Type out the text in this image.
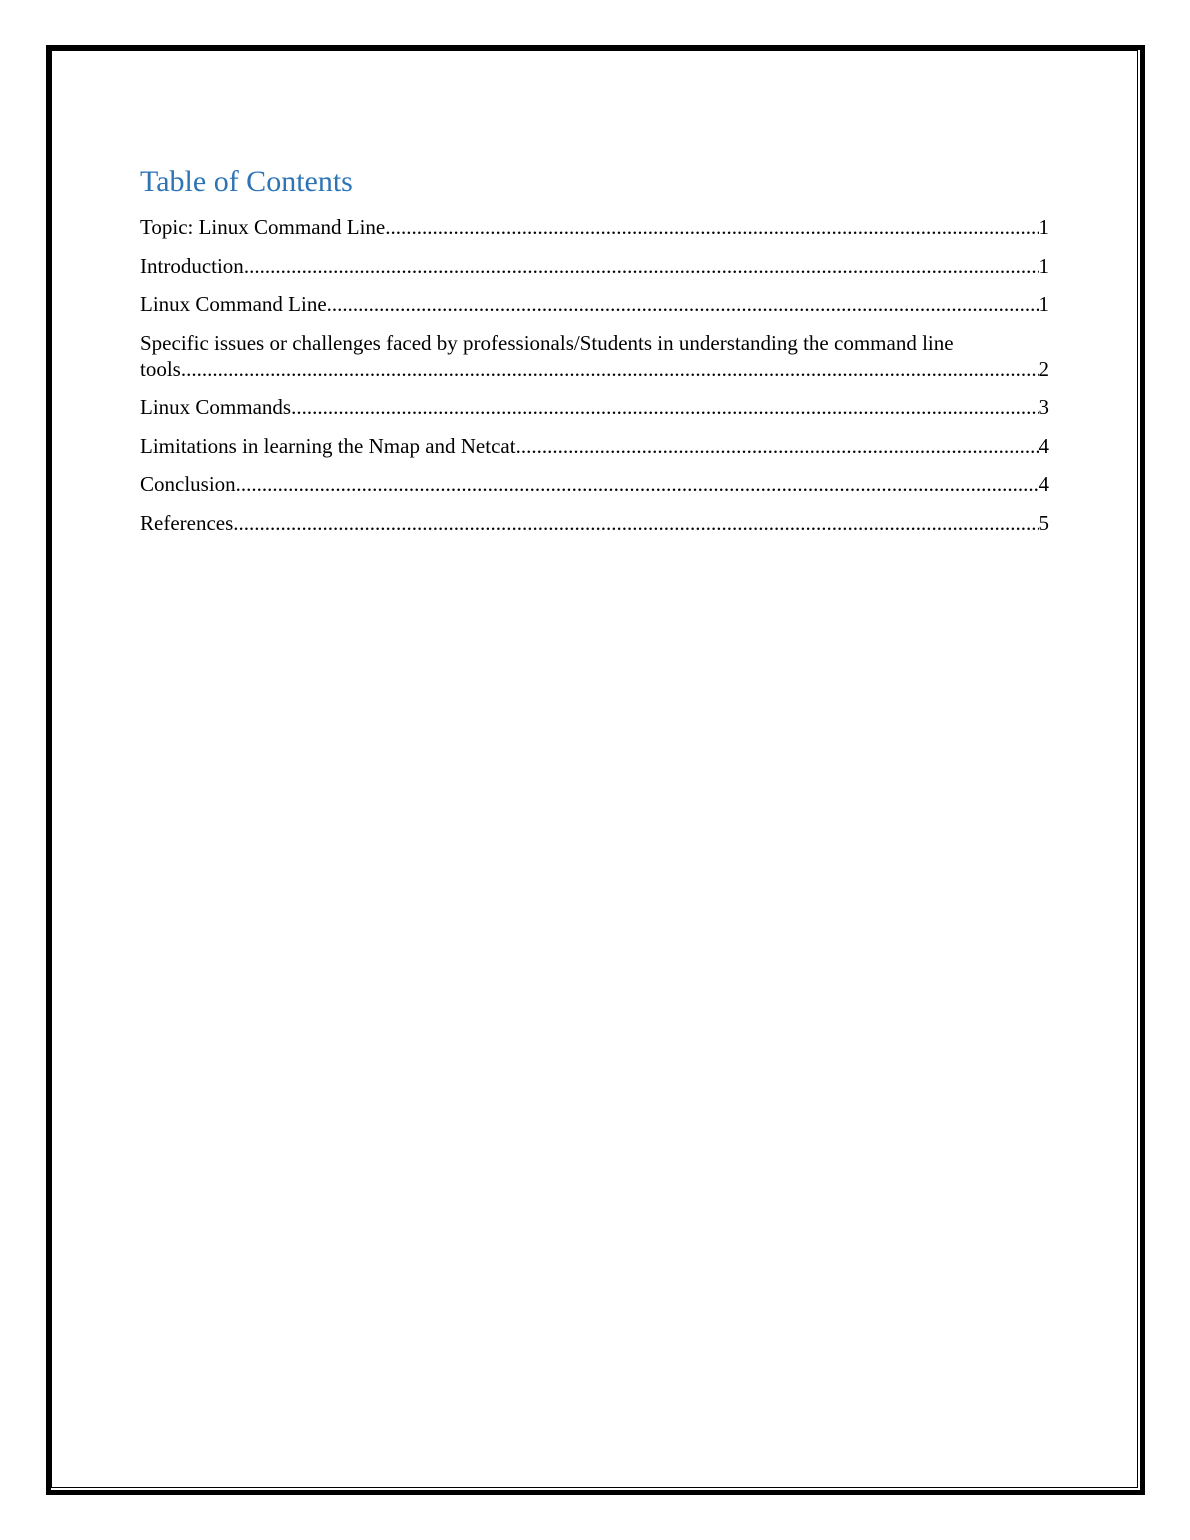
Table of Contents
Topic: Linux Command Line .....	1
Introduction .....	1
Linux Command Line .....	1
Specific issues or challenges faced by professionals/Students in understanding the command line
tools .....	2
Linux Commands .....	3
Limitations in learning the Nmap and Netcat .....	4
Conclusion .....	4
References .....	5
